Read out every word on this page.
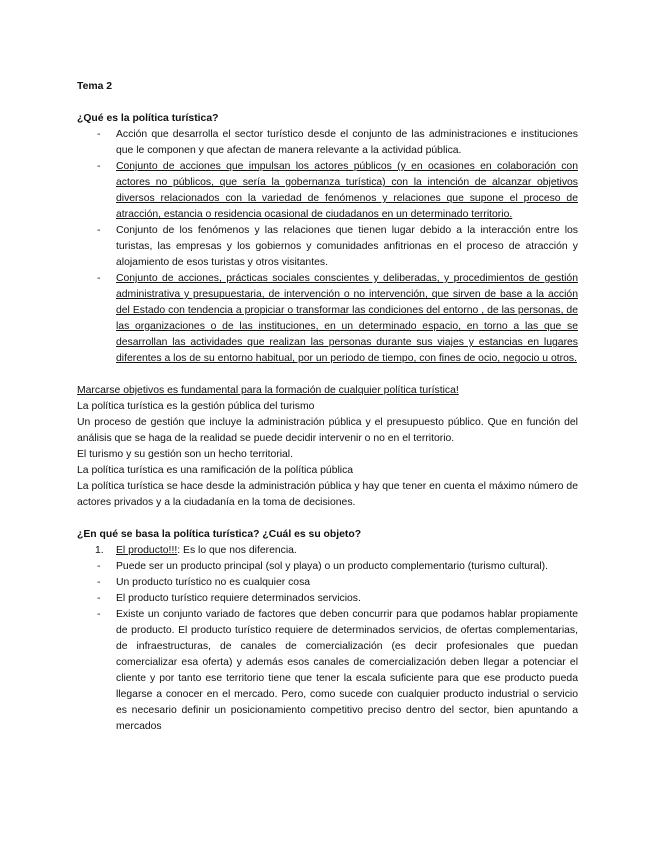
Tema 2

¿Qué es la política turística?

- Acción que desarrolla el sector turístico desde el conjunto de las administraciones e instituciones que le componen y que afectan de manera relevante a la actividad pública.
- Conjunto de acciones que impulsan los actores públicos (y en ocasiones en colaboración con actores no públicos, que sería la gobernanza turística) con la intención de alcanzar objetivos diversos relacionados con la variedad de fenómenos y relaciones que supone el proceso de atracción, estancia o residencia ocasional de ciudadanos en un determinado territorio.
- Conjunto de los fenómenos y las relaciones que tienen lugar debido a la interacción entre los turistas, las empresas y los gobiernos y comunidades anfitrionas en el proceso de atracción y alojamiento de esos turistas y otros visitantes.
- Conjunto de acciones, prácticas sociales conscientes y deliberadas, y procedimientos de gestión administrativa y presupuestaria, de intervención o no intervención, que sirven de base a la acción del Estado con tendencia a propiciar o transformar las condiciones del entorno , de las personas, de las organizaciones o de las instituciones, en un determinado espacio, en torno a las que se desarrollan las actividades que realizan las personas durante sus viajes y estancias en lugares diferentes a los de su entorno habitual, por un periodo de tiempo, con fines de ocio, negocio u otros.

Marcarse objetivos es fundamental para la formación de cualquier política turística!

La política turística es la gestión pública del turismo

Un proceso de gestión que incluye la administración pública y el presupuesto público. Que en función del análisis que se haga de la realidad se puede decidir intervenir o no en el territorio.

El turismo y su gestión son un hecho territorial.

La política turística es una ramificación de la política pública

La política turística se hace desde la administración pública y hay que tener en cuenta el máximo número de actores privados y a la ciudadanía en la toma de decisiones.

¿En qué se basa la política turística? ¿Cuál es su objeto?

1. El producto!!!: Es lo que nos diferencia.
- Puede ser un producto principal (sol y playa) o un producto complementario (turismo cultural).
- Un producto turístico no es cualquier cosa
- El producto turístico requiere determinados servicios.
- Existe un conjunto variado de factores que deben concurrir para que podamos hablar propiamente de producto. El producto turístico requiere de determinados servicios, de ofertas complementarias, de infraestructuras, de canales de comercialización (es decir profesionales que puedan comercializar esa oferta) y además esos canales de comercialización deben llegar a potenciar el cliente y por tanto ese territorio tiene que tener la escala suficiente para que ese producto pueda llegarse a conocer en el mercado. Pero, como sucede con cualquier producto industrial o servicio es necesario definir un posicionamiento competitivo preciso dentro del sector, bien apuntando a mercados
